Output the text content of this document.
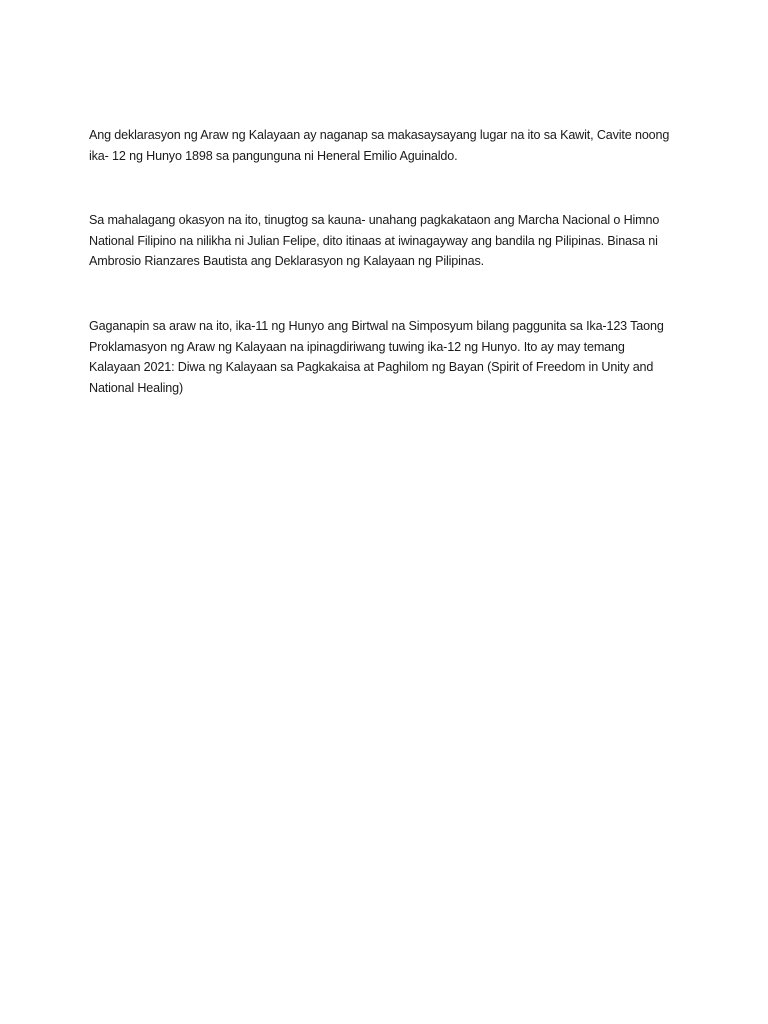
Ang deklarasyon ng Araw ng Kalayaan ay naganap sa makasaysayang lugar na ito sa Kawit, Cavite noong
ika- 12 ng Hunyo 1898 sa pangunguna ni Heneral Emilio Aguinaldo.

Sa mahalagang okasyon na ito, tinugtog sa kauna- unahang pagkakataon ang Marcha Nacional o Himno
National Filipino na nilikha ni Julian Felipe, dito itinaas at iwinagayway ang bandila ng Pilipinas. Binasa ni
Ambrosio Rianzares Bautista ang Deklarasyon ng Kalayaan ng Pilipinas.

Gaganapin sa araw na ito, ika-11 ng Hunyo ang Birtwal na Simposyum bilang paggunita sa Ika-123 Taong
Proklamasyon ng Araw ng Kalayaan na ipinagdiriwang tuwing ika-12 ng Hunyo. Ito ay may temang
Kalayaan 2021: Diwa ng Kalayaan sa Pagkakaisa at Paghilom ng Bayan (Spirit of Freedom in Unity and
National Healing)
